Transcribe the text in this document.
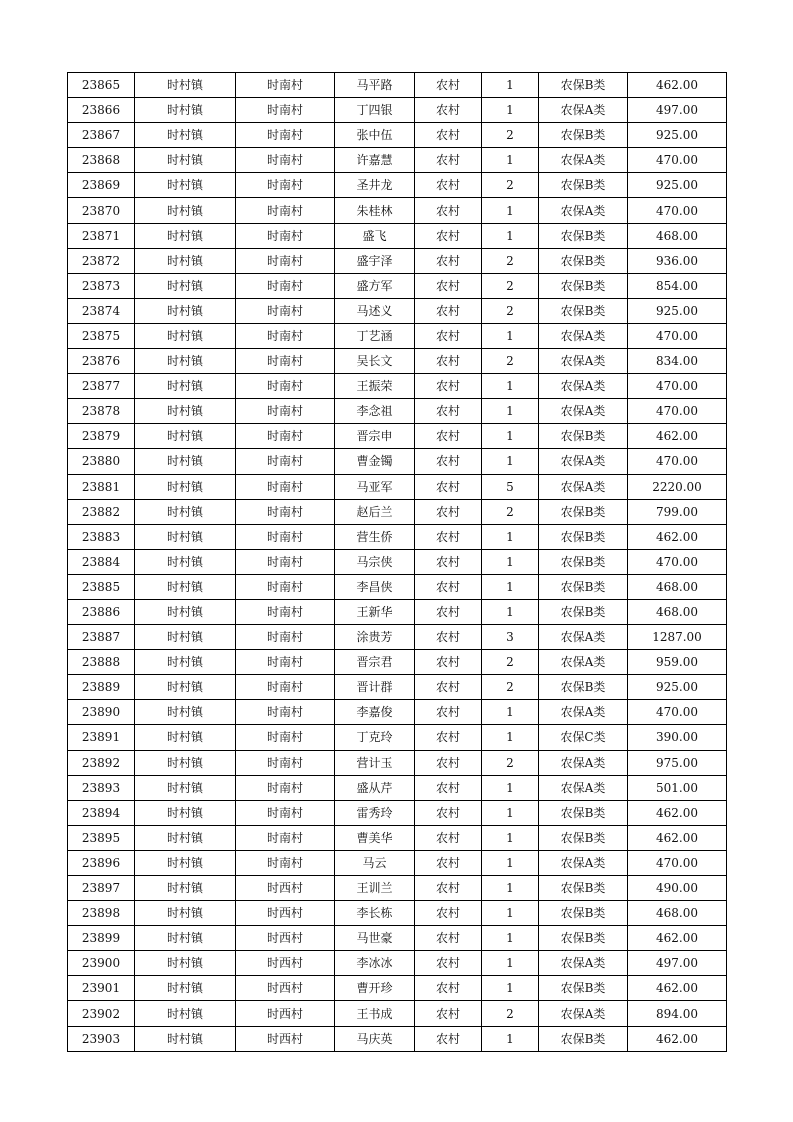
23865	时村镇	时南村	马平路	农村	1	农保B类	462.00
23866	时村镇	时南村	丁四银	农村	1	农保A类	497.00
23867	时村镇	时南村	张中伍	农村	2	农保B类	925.00
23868	时村镇	时南村	许嘉慧	农村	1	农保A类	470.00
23869	时村镇	时南村	圣井龙	农村	2	农保B类	925.00
23870	时村镇	时南村	朱桂林	农村	1	农保A类	470.00
23871	时村镇	时南村	盛飞	农村	1	农保B类	468.00
23872	时村镇	时南村	盛宇泽	农村	2	农保B类	936.00
23873	时村镇	时南村	盛方军	农村	2	农保B类	854.00
23874	时村镇	时南村	马述义	农村	2	农保B类	925.00
23875	时村镇	时南村	丁艺涵	农村	1	农保A类	470.00
23876	时村镇	时南村	吴长文	农村	2	农保A类	834.00
23877	时村镇	时南村	王振荣	农村	1	农保A类	470.00
23878	时村镇	时南村	李念祖	农村	1	农保A类	470.00
23879	时村镇	时南村	晋宗申	农村	1	农保B类	462.00
23880	时村镇	时南村	曹金镯	农村	1	农保A类	470.00
23881	时村镇	时南村	马亚军	农村	5	农保A类	2220.00
23882	时村镇	时南村	赵后兰	农村	2	农保B类	799.00
23883	时村镇	时南村	营生侨	农村	1	农保B类	462.00
23884	时村镇	时南村	马宗侠	农村	1	农保B类	470.00
23885	时村镇	时南村	李昌侠	农村	1	农保B类	468.00
23886	时村镇	时南村	王新华	农村	1	农保B类	468.00
23887	时村镇	时南村	涂贵芳	农村	3	农保A类	1287.00
23888	时村镇	时南村	晋宗君	农村	2	农保A类	959.00
23889	时村镇	时南村	晋计群	农村	2	农保B类	925.00
23890	时村镇	时南村	李嘉俊	农村	1	农保A类	470.00
23891	时村镇	时南村	丁克玲	农村	1	农保C类	390.00
23892	时村镇	时南村	营计玉	农村	2	农保A类	975.00
23893	时村镇	时南村	盛从芹	农村	1	农保A类	501.00
23894	时村镇	时南村	雷秀玲	农村	1	农保B类	462.00
23895	时村镇	时南村	曹美华	农村	1	农保B类	462.00
23896	时村镇	时南村	马云	农村	1	农保A类	470.00
23897	时村镇	时西村	王训兰	农村	1	农保B类	490.00
23898	时村镇	时西村	李长栋	农村	1	农保B类	468.00
23899	时村镇	时西村	马世豪	农村	1	农保B类	462.00
23900	时村镇	时西村	李冰冰	农村	1	农保A类	497.00
23901	时村镇	时西村	曹开珍	农村	1	农保B类	462.00
23902	时村镇	时西村	王书成	农村	2	农保A类	894.00
23903	时村镇	时西村	马庆英	农村	1	农保B类	462.00
